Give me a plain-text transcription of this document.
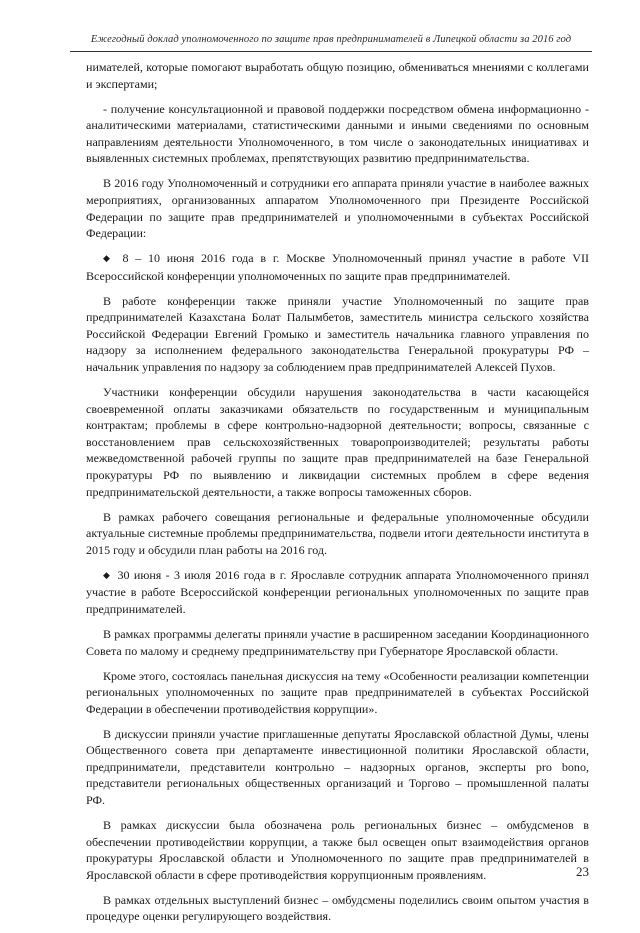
Ежегодный доклад уполномоченного по защите прав предпринимателей в Липецкой области за 2016 год

нимателей, которые помогают выработать общую позицию, обмениваться мнениями с коллегами и экспертами;

- получение консультационной и правовой поддержки посредством обмена информационно - аналитическими материалами, статистическими данными и иными сведениями по основным направлениям деятельности Уполномоченного, в том числе о законодательных инициативах и выявленных системных проблемах, препятствующих развитию предпринимательства.

В 2016 году Уполномоченный и сотрудники его аппарата приняли участие в наиболее важных мероприятиях, организованных аппаратом Уполномоченного при Президенте Российской Федерации по защите прав предпринимателей и уполномоченными в субъектах Российской Федерации:

◆ 8 – 10 июня 2016 года в г. Москве Уполномоченный принял участие в работе VII Всероссийской конференции уполномоченных по защите прав предпринимателей.

В работе конференции также приняли участие Уполномоченный по защите прав предпринимателей Казахстана Болат Палымбетов, заместитель министра сельского хозяйства Российской Федерации Евгений Громыко и заместитель начальника главного управления по надзору за исполнением федерального законодательства Генеральной прокуратуры РФ – начальник управления по надзору за соблюдением прав предпринимателей Алексей Пухов.

Участники конференции обсудили нарушения законодательства в части касающейся своевременной оплаты заказчиками обязательств по государственным и муниципальным контрактам; проблемы в сфере контрольно-надзорной деятельности; вопросы, связанные с восстановлением прав сельскохозяйственных товаропроизводителей; результаты работы межведомственной рабочей группы по защите прав предпринимателей на базе Генеральной прокуратуры РФ по выявлению и ликвидации системных проблем в сфере ведения предпринимательской деятельности, а также вопросы таможенных сборов.

В рамках рабочего совещания региональные и федеральные уполномоченные обсудили актуальные системные проблемы предпринимательства, подвели итоги деятельности института в 2015 году и обсудили план работы на 2016 год.

◆ 30 июня - 3 июля 2016 года в г. Ярославле сотрудник аппарата Уполномоченного принял участие в работе Всероссийской конференции региональных уполномоченных по защите прав предпринимателей.

В рамках программы делегаты приняли участие в расширенном заседании Координационного Совета по малому и среднему предпринимательству при Губернаторе Ярославской области.

Кроме этого, состоялась панельная дискуссия на тему «Особенности реализации компетенции региональных уполномоченных по защите прав предпринимателей в субъектах Российской Федерации в обеспечении противодействия коррупции».

В дискуссии приняли участие приглашенные депутаты Ярославской областной Думы, члены Общественного совета при департаменте инвестиционной политики Ярославской области, предприниматели, представители контрольно – надзорных органов, эксперты pro bono, представители региональных общественных организаций и Торгово – промышленной палаты РФ.

В рамках дискуссии была обозначена роль региональных бизнес – омбудсменов в обеспечении противодействии коррупции, а также был освещен опыт взаимодействия органов прокуратуры Ярославской области и Уполномоченного по защите прав предпринимателей в Ярославской области в сфере противодействия коррупционным проявлениям.

В рамках отдельных выступлений бизнес – омбудсмены поделились своим опытом участия в процедуре оценки регулирующего воздействия.

23
